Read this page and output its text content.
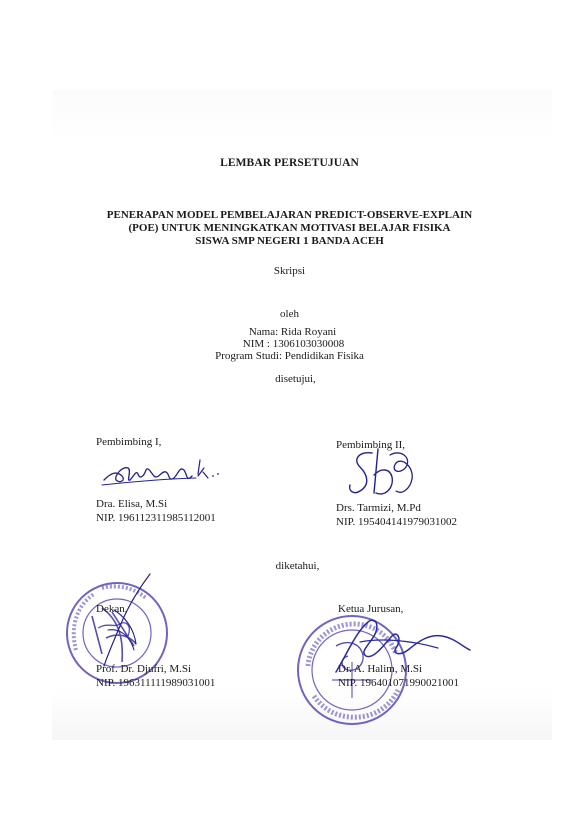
LEMBAR PERSETUJUAN
PENERAPAN MODEL PEMBELAJARAN PREDICT-OBSERVE-EXPLAIN
(POE) UNTUK MENINGKATKAN MOTIVASI BELAJAR FISIKA
SISWA SMP NEGERI 1 BANDA ACEH
Skripsi
oleh
Nama: Rida Royani
NIM : 1306103030008
Program Studi: Pendidikan Fisika
disetujui,
Pembimbing I,
Dra. Elisa, M.Si
NIP. 196112311985112001
Pembimbing II,
Drs. Tarmizi, M.Pd
NIP. 195404141979031002
diketahui,
Dekan,
Prof. Dr. Djufri, M.Si
NIP. 196311111989031001
Ketua Jurusan,
Dr. A. Halim, M.Si
NIP. 196401071990021001
